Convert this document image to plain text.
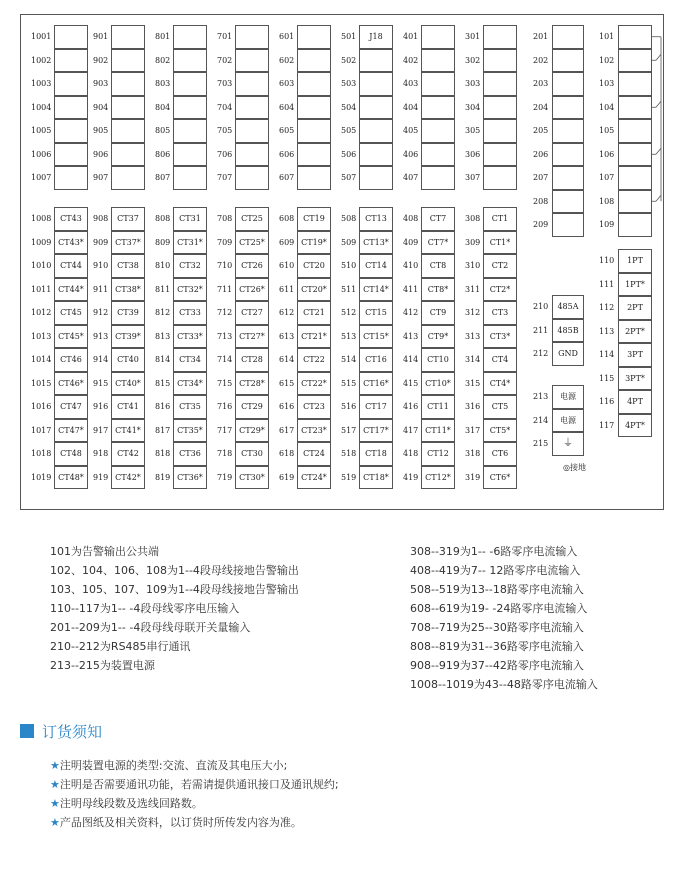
1001
1002
1003
1004
1005
1006
1007
1008	CT43
1009 CT43*
1010	CT44
1011 CT44*
1012	CT45
1013 CT45*
1014	CT46
1015 CT46*
1016	CT47
1017 CT47*
1018	CT48
1019 CT48*
901
902
903
904
905
906
907
908	CT37
909 CT37*
910	CT38
911 CT38*
912	CT39
913 CT39*
914	CT40
915 CT40*
916	CT41
917 CT41*
918	CT42
919 CT42*
801
802
803
804
805
806
807
808	CT31
809 CT31*
810	CT32
811 CT32*
812	CT33
813 CT33*
814	CT34
815 CT34*
816	CT35
817 CT35*
818	CT36
819 CT36*
701
702
703
704
705
706
707
708	CT25
709 CT25*
710	CT26
711 CT26*
712	CT27
713 CT27*
714	CT28
715 CT28*
716	CT29
717 CT29*
718	CT30
719 CT30*
601
602
603
604
605
606
607
608	CT19
609 CT19*
610	CT20
611 CT20*
612	CT21
613 CT21*
614	CT22
615 CT22*
616	CT23
617 CT23*
618	CT24
619 CT24*
501	J18
502
503
504
505
506
507
508	CT13
509 CT13*
510	CT14
511 CT14*
512	CT15
513 CT15*
514	CT16
515 CT16*
516	CT17
517 CT17*
518	CT18
519 CT18*
401
402
403
404
405
406
407
408	CT7
409	CT7*
410	CT8
411	CT8*
412	CT9
413	CT9*
414	CT10
415 CT10*
416	CT11
417 CT11*
418	CT12
419 CT12*
301
302
303
304
305
306
307
308	CT1
309	CT1*
310	CT2
311	CT2*
312	CT3
313	CT3*
314	CT4
315	CT4*
316	CT5
317	CT5*
318	CT6
319	CT6*
201
202
203
204
205
206
207
208
209
210	485A
211	485B
212	GND
213	电源
214	电源
215	⏚
◎接地
101
102
103
104
105
106
107
108
109
110	1PT
111	1PT*
112	2PT
113	2PT*
114	3PT
115	3PT*
116	4PT
117	4PT*
101为告警输出公共端
102、104、106、108为1--4段母线接地告警输出
103、105、107、109为1--4段母线接地告警输出
110--117为1-- -4段母线零序电压输入
201--209为1-- -4段母线母联开关量输入
210--212为RS485串行通讯
213--215为装置电源
308--319为1-- -6路零序电流输入
408--419为7-- 12路零序电流输入
508--519为13--18路零序电流输入
608--619为19- -24路零序电流输入
708--719为25--30路零序电流输入
808--819为31--36路零序电流输入
908--919为37--42路零序电流输入
1008--1019为43--48路零序电流输入
订货须知
★注明装置电源的类型:交流、直流及其电压大小;
★注明是否需要通讯功能，若需请提供通讯接口及通讯规约;
★注明母线段数及选线回路数。
★产品图纸及相关资料，以订货时所传发内容为准。
